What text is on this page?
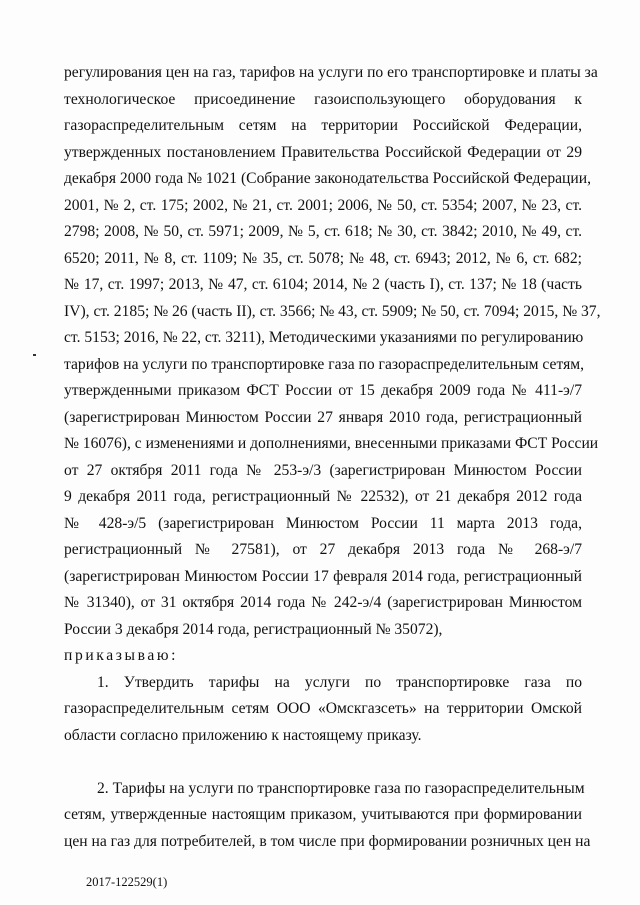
регулирования цен на газ, тарифов на услуги по его транспортировке и платы за
технологическое присоединение газоиспользующего оборудования к
газораспределительным сетям на территории Российской Федерации,
утвержденных постановлением Правительства Российской Федерации от 29
декабря 2000 года № 1021 (Собрание законодательства Российской Федерации,
2001, № 2, ст. 175; 2002, № 21, ст. 2001; 2006, № 50, ст. 5354; 2007, № 23, ст.
2798; 2008, № 50, ст. 5971; 2009, № 5, ст. 618; № 30, ст. 3842; 2010, № 49, ст.
6520; 2011, № 8, ст. 1109; № 35, ст. 5078; № 48, ст. 6943; 2012, № 6, ст. 682;
№ 17, ст. 1997; 2013, № 47, ст. 6104; 2014, № 2 (часть I), ст. 137; № 18 (часть
IV), ст. 2185; № 26 (часть II), ст. 3566; № 43, ст. 5909; № 50, ст. 7094; 2015, № 37,
ст. 5153; 2016, № 22, ст. 3211), Методическими указаниями по регулированию
тарифов на услуги по транспортировке газа по газораспределительным сетям,
утвержденными приказом ФСТ России от 15 декабря 2009 года № 411-э/7
(зарегистрирован Минюстом России 27 января 2010 года, регистрационный
№ 16076), с изменениями и дополнениями, внесенными приказами ФСТ России
от 27 октября 2011 года № 253-э/3 (зарегистрирован Минюстом России
9 декабря 2011 года, регистрационный № 22532), от 21 декабря 2012 года
№ 428-э/5 (зарегистрирован Минюстом России 11 марта 2013 года,
регистрационный № 27581), от 27 декабря 2013 года № 268-э/7
(зарегистрирован Минюстом России 17 февраля 2014 года, регистрационный
№ 31340), от 31 октября 2014 года № 242-э/4 (зарегистрирован Минюстом
России 3 декабря 2014 года, регистрационный № 35072),
приказываю:
1. Утвердить тарифы на услуги по транспортировке газа по
газораспределительным сетям ООО «Омскгазсеть» на территории Омской
области согласно приложению к настоящему приказу.
2. Тарифы на услуги по транспортировке газа по газораспределительным
сетям, утвержденные настоящим приказом, учитываются при формировании
цен на газ для потребителей, в том числе при формировании розничных цен на
2017-122529(1)
